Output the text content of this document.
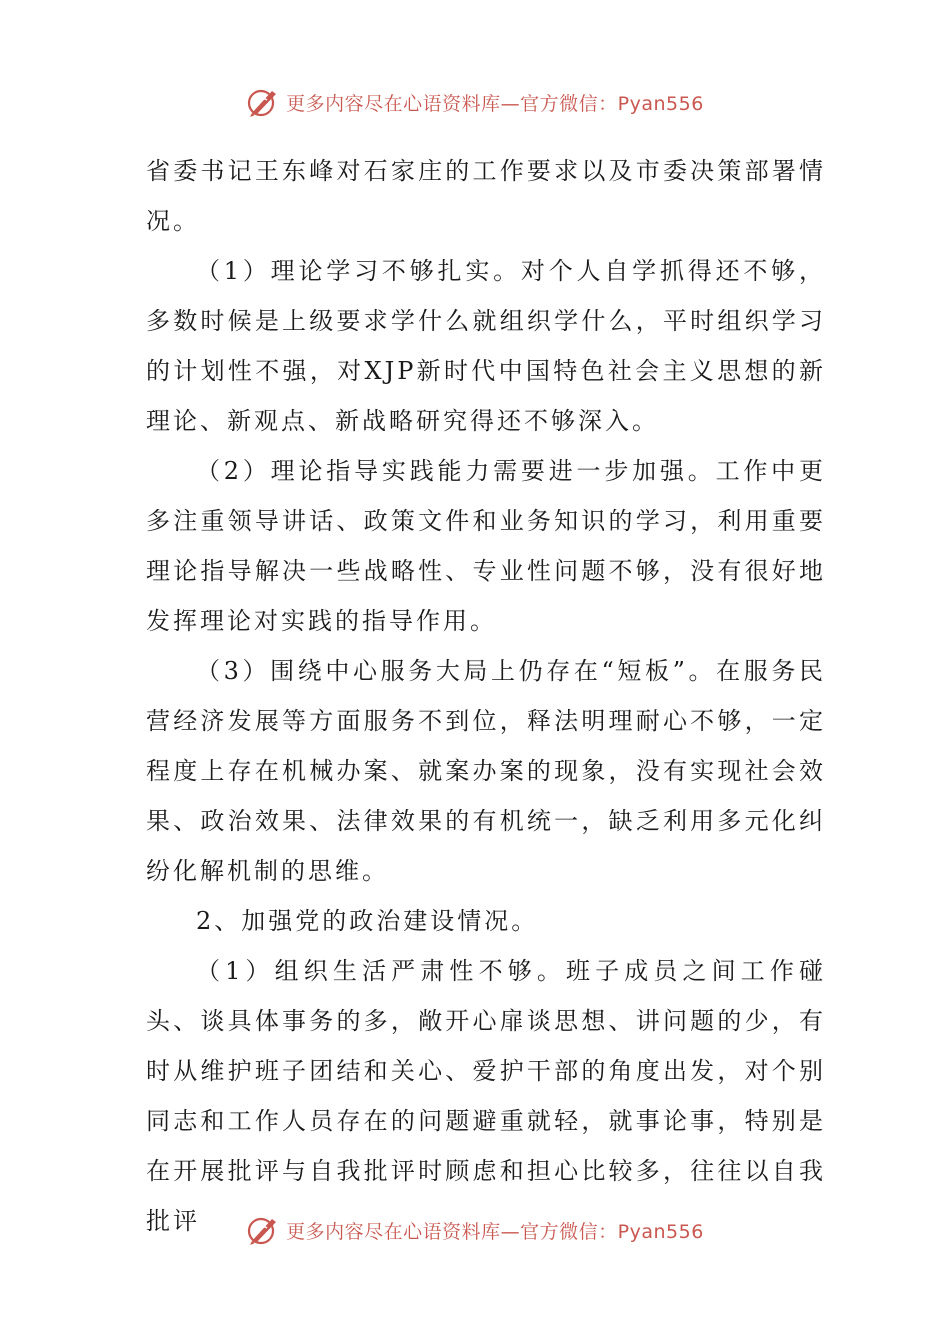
更多内容尽在心语资料库—官方微信：Pyan556

省委书记王东峰对石家庄的工作要求以及市委决策部署情况。

（1）理论学习不够扎实。对个人自学抓得还不够，多数时候是上级要求学什么就组织学什么，平时组织学习的计划性不强，对XJP新时代中国特色社会主义思想的新理论、新观点、新战略研究得还不够深入。

（2）理论指导实践能力需要进一步加强。工作中更多注重领导讲话、政策文件和业务知识的学习，利用重要理论指导解决一些战略性、专业性问题不够，没有很好地发挥理论对实践的指导作用。

（3）围绕中心服务大局上仍存在“短板”。在服务民营经济发展等方面服务不到位，释法明理耐心不够，一定程度上存在机械办案、就案办案的现象，没有实现社会效果、政治效果、法律效果的有机统一，缺乏利用多元化纠纷化解机制的思维。

2、加强党的政治建设情况。

（1）组织生活严肃性不够。班子成员之间工作碰头、谈具体事务的多，敞开心扉谈思想、讲问题的少，有时从维护班子团结和关心、爱护干部的角度出发，对个别同志和工作人员存在的问题避重就轻，就事论事，特别是在开展批评与自我批评时顾虑和担心比较多，往往以自我批评	更多内容尽在心语资料库—官方微信：Pyan556
